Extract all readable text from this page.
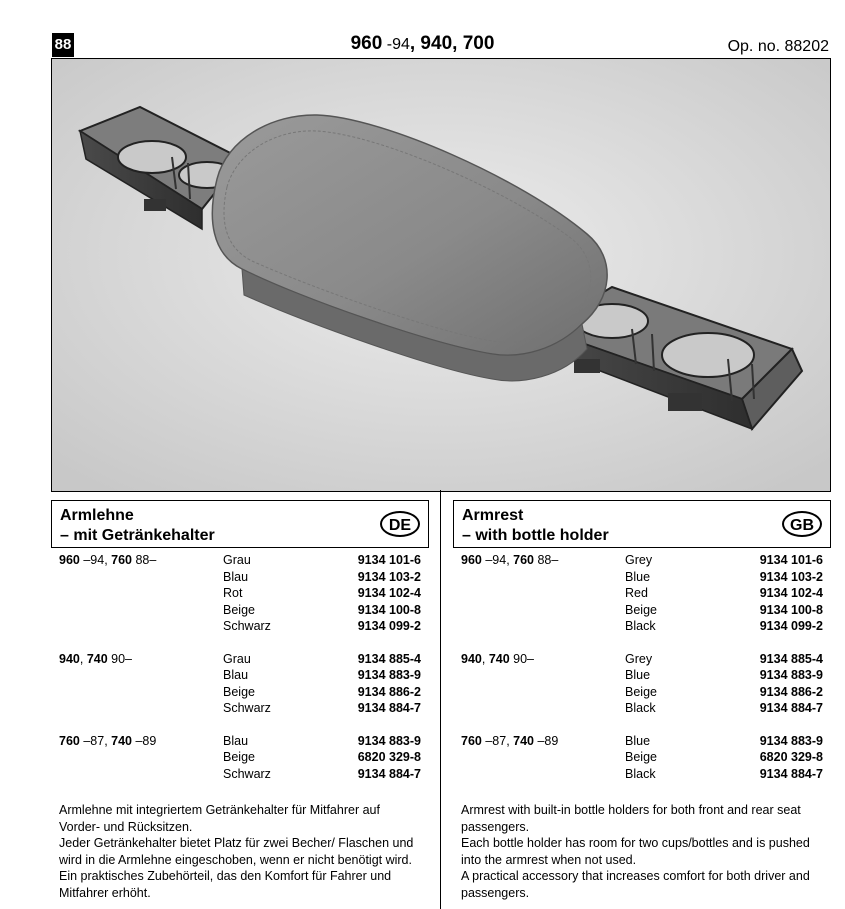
88	960 -94, 940, 700	Op. no. 88202
Armlehne
– mit Getränkehalter
DE
960 –94, 760 88–	Grau	9134 101-6
Blau	9134 103-2
Rot	9134 102-4
Beige	9134 100-8
Schwarz	9134 099-2
940, 740 90–	Grau	9134 885-4
Blau	9134 883-9
Beige	9134 886-2
Schwarz	9134 884-7
760 –87, 740 –89	Blau	9134 883-9
Beige	6820 329-8
Schwarz	9134 884-7

Armlehne mit integriertem Getränkehalter für Mitfahrer auf Vorder- und Rücksitzen.

Jeder Getränkehalter bietet Platz für zwei Becher/ Flaschen und wird in die Armlehne eingeschoben, wenn er nicht benötigt wird.

Ein praktisches Zubehörteil, das den Komfort für Fahrer und Mitfahrer erhöht.

Armrest
– with bottle holder
GB
960 –94, 760 88–	Grey	9134 101-6
Blue	9134 103-2
Red	9134 102-4
Beige	9134 100-8
Black	9134 099-2
940, 740 90–	Grey	9134 885-4
Blue	9134 883-9
Beige	9134 886-2
Black	9134 884-7
760 –87, 740 –89	Blue	9134 883-9
Beige	6820 329-8
Black	9134 884-7

Armrest with built-in bottle holders for both front and rear seat passengers.

Each bottle holder has room for two cups/bottles and is pushed into the armrest when not used.

A practical accessory that increases comfort for both driver and passengers.
